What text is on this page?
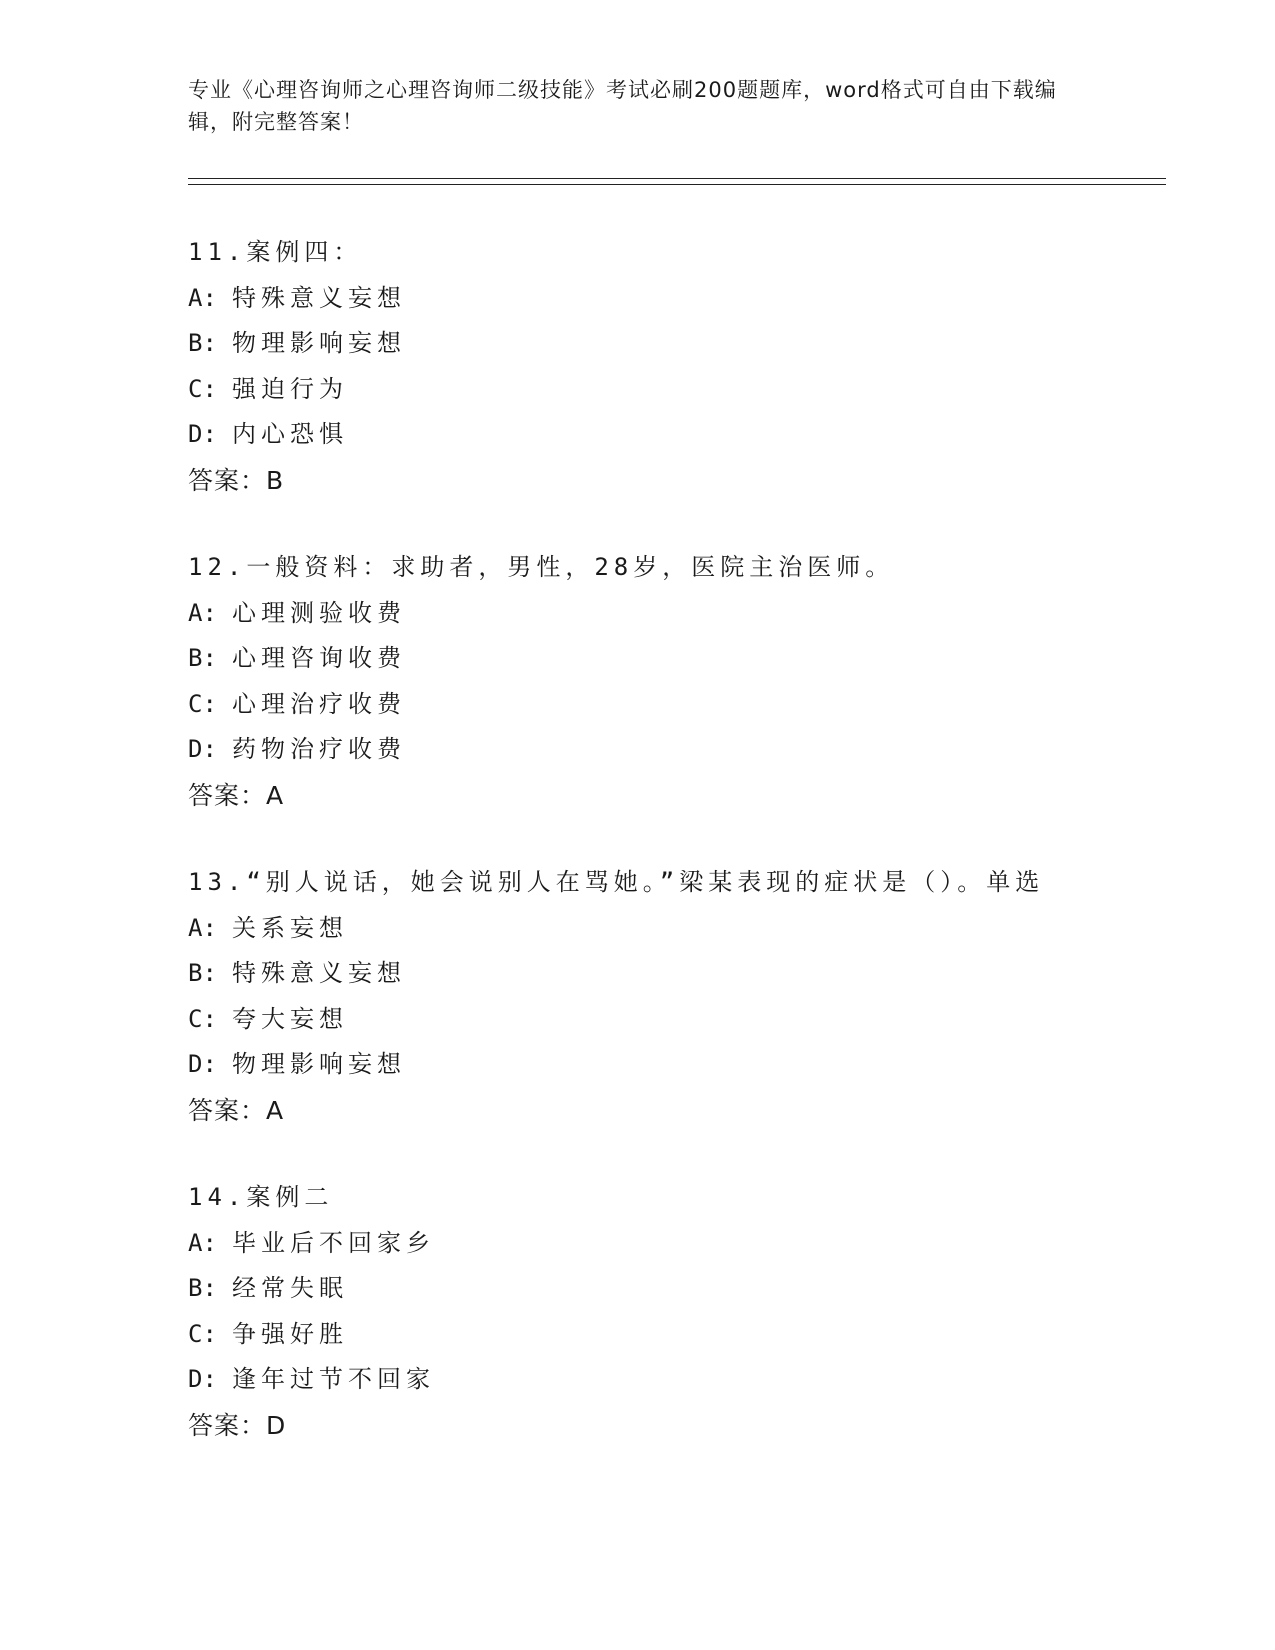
专业《心理咨询师之心理咨询师二级技能》考试必刷200题题库，word格式可自由下载编辑，附完整答案！
11.案例四：
A: 特殊意义妄想
B: 物理影响妄想
C: 强迫行为
D: 内心恐惧
答案：B
12.一般资料：求助者，男性，28岁，医院主治医师。
A: 心理测验收费
B: 心理咨询收费
C: 心理治疗收费
D: 药物治疗收费
答案：A
13.“别人说话，她会说别人在骂她。”梁某表现的症状是（）。单选
A: 关系妄想
B: 特殊意义妄想
C: 夸大妄想
D: 物理影响妄想
答案：A
14.案例二
A: 毕业后不回家乡
B: 经常失眠
C: 争强好胜
D: 逢年过节不回家
答案：D
